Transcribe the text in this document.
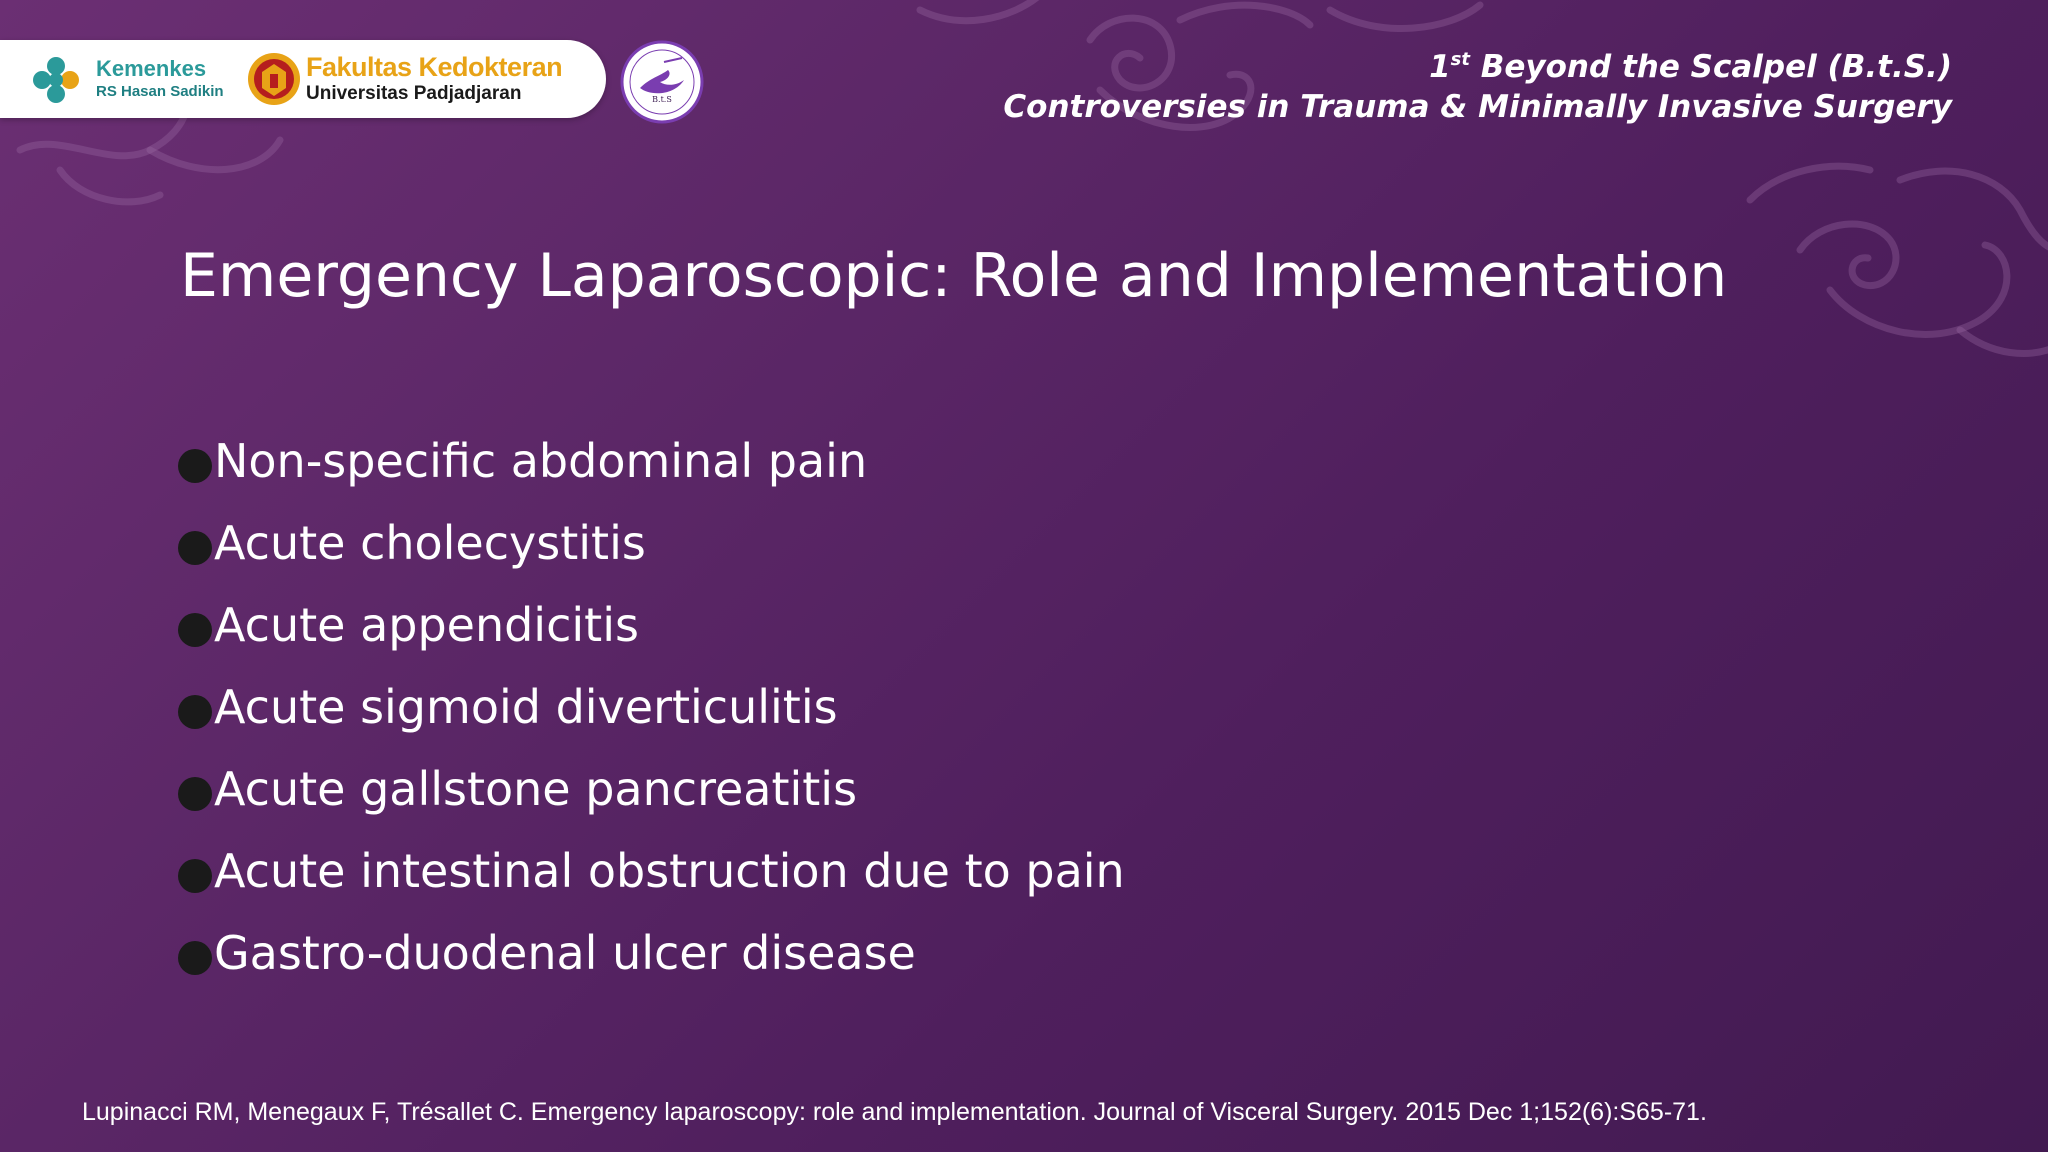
Kemenkes
RS Hasan Sadikin
Fakultas Kedokteran
Universitas Padjadjaran	B.t.S
1st Beyond the Scalpel (B.t.S.)
Controversies in Trauma & Minimally Invasive Surgery
Emergency Laparoscopic: Role and Implementation
Non-specific abdominal pain
Acute cholecystitis
Acute appendicitis
Acute sigmoid diverticulitis
Acute gallstone pancreatitis
Acute intestinal obstruction due to pain
Gastro-duodenal ulcer disease
Lupinacci RM, Menegaux F, Trésallet C. Emergency laparoscopy: role and implementation. Journal of Visceral Surgery. 2015 Dec 1;152(6):S65-71.
